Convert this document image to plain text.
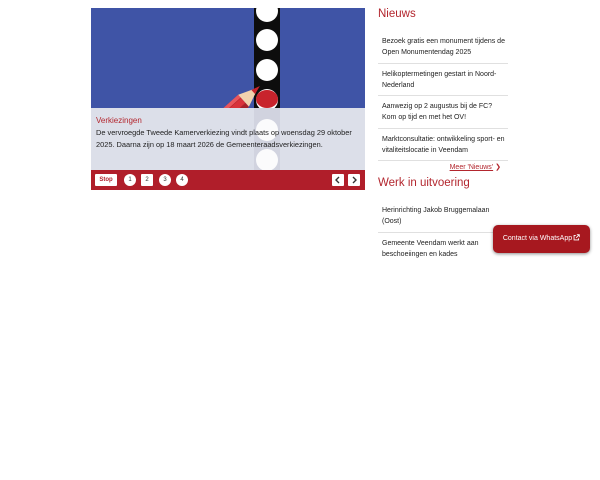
Verkiezingen
De vervroegde Tweede Kamerverkiezing vindt plaats op woensdag 29 oktober 2025. Daarna zijn op 18 maart 2026 de Gemeenteraadsverkiezingen.
Stop	1	2	3	4
Nieuws
Bezoek gratis een monument tijdens de Open Monumentendag 2025
Helikoptermetingen gestart in Noord-Nederland
Aanwezig op 2 augustus bij de FC? Kom op tijd en met het OV!
Marktconsultatie: ontwikkeling sport- en vitaliteitslocatie in Veendam
Meer 'Nieuws' ❯
Werk in uitvoering
Herinrichting Jakob Bruggemalaan (Oost)
Gemeente Veendam werkt aan beschoeiingen en kades
Contact via WhatsApp
